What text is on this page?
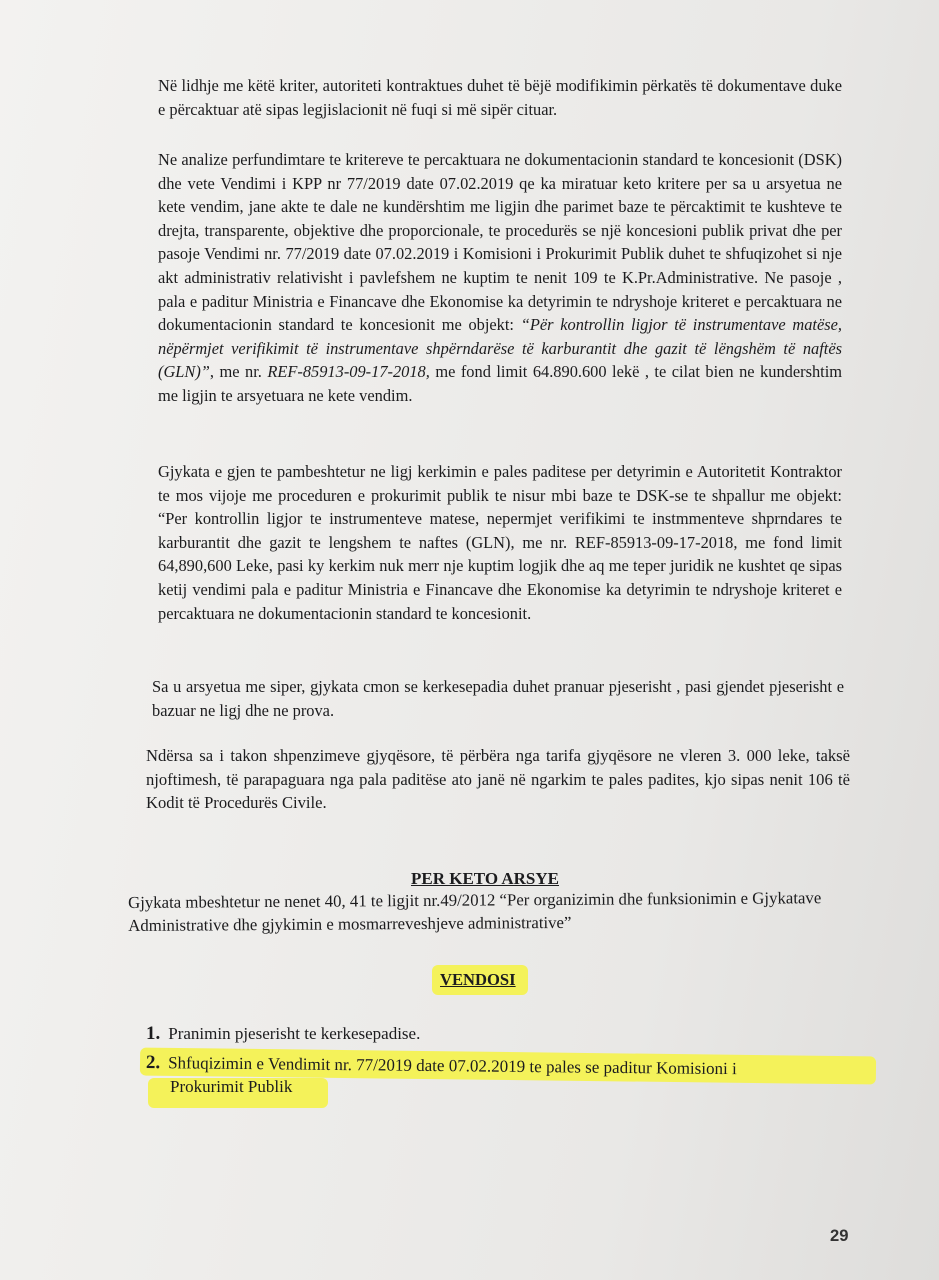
Në lidhje me këtë kriter, autoriteti kontraktues duhet të bëjë modifikimin përkatës të dokumentave duke e përcaktuar atë sipas legjislacionit në fuqi si më sipër cituar.

Ne analize perfundimtare te kritereve te percaktuara ne dokumentacionin standard te koncesionit (DSK) dhe vete Vendimi i KPP nr 77/2019 date 07.02.2019 qe ka miratuar keto kritere per sa u arsyetua ne kete vendim, jane akte te dale ne kundërshtim me ligjin dhe parimet baze te përcaktimit te kushteve te drejta, transparente, objektive dhe proporcionale, te procedurës se një koncesioni publik privat dhe per pasoje Vendimi nr. 77/2019 date 07.02.2019 i Komisioni i Prokurimit Publik duhet te shfuqizohet si nje akt administrativ relativisht i pavlefshem ne kuptim te nenit 109 te K.Pr.Administrative. Ne pasoje , pala e paditur Ministria e Financave dhe Ekonomise ka detyrimin te ndryshoje kriteret e percaktuara ne dokumentacionin standard te koncesionit me objekt: “Për kontrollin ligjor të instrumentave matëse, nëpërmjet verifikimit të instrumentave shpërndarëse të karburantit dhe gazit të lëngshëm të naftës (GLN)”, me nr. REF-85913-09-17-2018, me fond limit 64.890.600 lekë , te cilat bien ne kundershtim me ligjin te arsyetuara ne kete vendim.

Gjykata e gjen te pambeshtetur ne ligj kerkimin e pales paditese per detyrimin e Autoritetit Kontraktor te mos vijoje me proceduren e prokurimit publik te nisur mbi baze te DSK-se te shpallur me objekt: “Per kontrollin ligjor te instrumenteve matese, nepermjet verifikimi te instmmenteve shprndares te karburantit dhe gazit te lengshem te naftes (GLN), me nr. REF-85913-09-17-2018, me fond limit 64,890,600 Leke, pasi ky kerkim nuk merr nje kuptim logjik dhe aq me teper juridik ne kushtet qe sipas ketij vendimi pala e paditur Ministria e Financave dhe Ekonomise ka detyrimin te ndryshoje kriteret e percaktuara ne dokumentacionin standard te koncesionit.

Sa u arsyetua me siper, gjykata cmon se kerkesepadia duhet pranuar pjeserisht , pasi gjendet pjeserisht e bazuar ne ligj dhe ne prova.

Ndërsa sa i takon shpenzimeve gjyqësore, të përbëra nga tarifa gjyqësore ne vleren 3. 000 leke, taksë njoftimesh, të parapaguara nga pala paditëse ato janë në ngarkim te pales padites, kjo sipas nenit 106 të Kodit të Procedurës Civile.

PER KETO ARSYE

Gjykata mbeshtetur ne nenet 40, 41 te ligjit nr.49/2012 “Per organizimin dhe funksionimin e Gjykatave Administrative dhe gjykimin e mosmarreveshjeve administrative”

VENDOSI

1. Pranimin pjeserisht te kerkesepadise.

2. Shfuqizimin e Vendimit nr. 77/2019 date 07.02.2019 te pales se paditur Komisioni i
Prokurimit Publik

29
